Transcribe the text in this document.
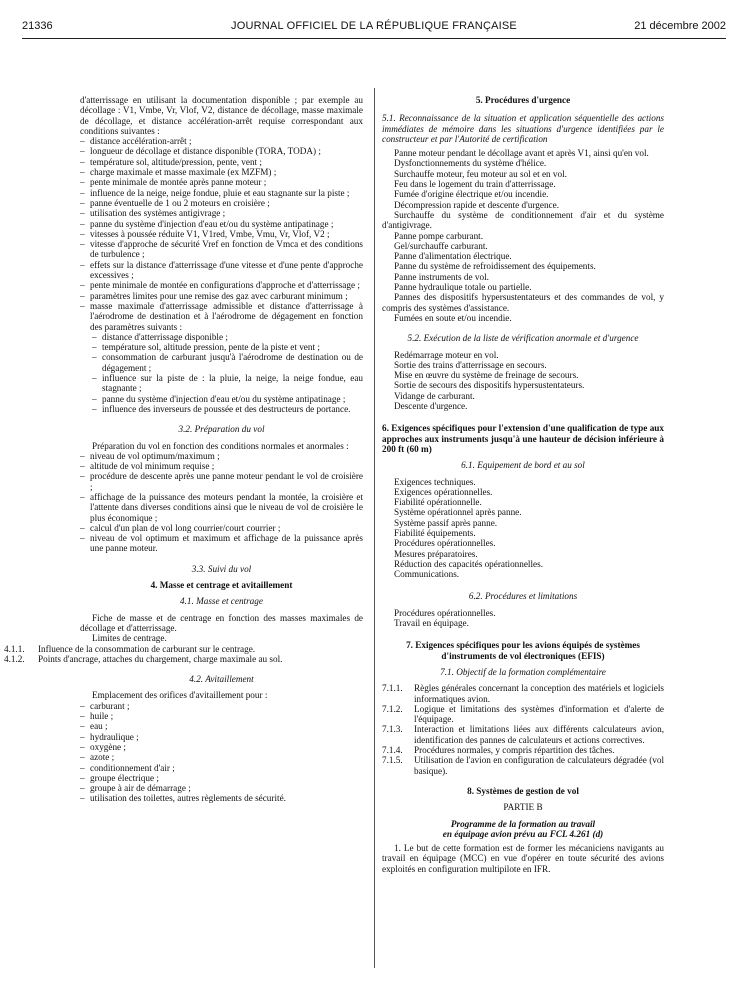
21336	JOURNAL OFFICIEL DE LA RÉPUBLIQUE FRANÇAISE	21 décembre 2002

d'atterrissage en utilisant la documentation disponible ; par exemple au décollage : V1, Vmbe, Vr, Vlof, V2, distance de décollage, masse maximale de décollage, et distance accélération-arrêt requise correspondant aux conditions suivantes :

– distance accélération-arrêt ;

– longueur de décollage et distance disponible (TORA, TODA) ;

– température sol, altitude/pression, pente, vent ;

– charge maximale et masse maximale (ex MZFM) ;

– pente minimale de montée après panne moteur ;

– influence de la neige, neige fondue, pluie et eau stagnante sur la piste ;

– panne éventuelle de 1 ou 2 moteurs en croisière ;

– utilisation des systèmes antigivrage ;

– panne du système d'injection d'eau et/ou du système antipatinage ;

– vitesses à poussée réduite V1, V1red, Vmbe, Vmu, Vr, Vlof, V2 ;

– vitesse d'approche de sécurité Vref en fonction de Vmca et des conditions de turbulence ;

– effets sur la distance d'atterrissage d'une vitesse et d'une pente d'approche excessives ;

– pente minimale de montée en configurations d'approche et d'atterrissage ;

– paramètres limites pour une remise des gaz avec carburant minimum ;

– masse maximale d'atterrissage admissible et distance d'atterrissage à l'aérodrome de destination et à l'aérodrome de dégagement en fonction des paramètres suivants :

– distance d'atterrissage disponible ;

– température sol, altitude pression, pente de la piste et vent ;

– consommation de carburant jusqu'à l'aérodrome de destination ou de dégagement ;

– influence sur la piste de : la pluie, la neige, la neige fondue, eau stagnante ;

– panne du système d'injection d'eau et/ou du système antipatinage ;

– influence des inverseurs de poussée et des destructeurs de portance.

3.2. Préparation du vol

Préparation du vol en fonction des conditions normales et anormales :

– niveau de vol optimum/maximum ;

– altitude de vol minimum requise ;

– procédure de descente après une panne moteur pendant le vol de croisière ;

– affichage de la puissance des moteurs pendant la montée, la croisière et l'attente dans diverses conditions ainsi que le niveau de vol de croisière le plus économique ;

– calcul d'un plan de vol long courrier/court courrier ;

– niveau de vol optimum et maximum et affichage de la puissance après une panne moteur.

3.3. Suivi du vol

4. Masse et centrage et avitaillement

4.1. Masse et centrage

Fiche de masse et de centrage en fonction des masses maximales de décollage et d'atterrissage.

Limites de centrage.

4.1.1. Influence de la consommation de carburant sur le centrage.

4.1.2. Points d'ancrage, attaches du chargement, charge maximale au sol.

4.2. Avitaillement

Emplacement des orifices d'avitaillement pour :

– carburant ;

– huile ;

– eau ;

– hydraulique ;

– oxygène ;

– azote ;

– conditionnement d'air ;

– groupe électrique ;

– groupe à air de démarrage ;

– utilisation des toilettes, autres règlements de sécurité.

5. Procédures d'urgence

5.1. Reconnaissance de la situation et application séquentielle des actions immédiates de mémoire dans les situations d'urgence identifiées par le constructeur et par l'Autorité de certification

Panne moteur pendant le décollage avant et après V1, ainsi qu'en vol.

Dysfonctionnements du système d'hélice.

Surchauffe moteur, feu moteur au sol et en vol.

Feu dans le logement du train d'atterrissage.

Fumée d'origine électrique et/ou incendie.

Décompression rapide et descente d'urgence.

Surchauffe du système de conditionnement d'air et du système d'antigivrage.

Panne pompe carburant.

Gel/surchauffe carburant.

Panne d'alimentation électrique.

Panne du système de refroidissement des équipements.

Panne instruments de vol.

Panne hydraulique totale ou partielle.

Pannes des dispositifs hypersustentateurs et des commandes de vol, y compris des systèmes d'assistance.

Fumées en soute et/ou incendie.

5.2. Exécution de la liste de vérification anormale et d'urgence

Redémarrage moteur en vol.

Sortie des trains d'atterrissage en secours.

Mise en œuvre du système de freinage de secours.

Sortie de secours des dispositifs hypersustentateurs.

Vidange de carburant.

Descente d'urgence.

6. Exigences spécifiques pour l'extension d'une qualification de type aux approches aux instruments jusqu'à une hauteur de décision inférieure à 200 ft (60 m)

6.1. Equipement de bord et au sol

Exigences techniques.

Exigences opérationnelles.

Fiabilité opérationnelle.

Système opérationnel après panne.

Système passif après panne.

Fiabilité équipements.

Procédures opérationnelles.

Mesures préparatoires.

Réduction des capacités opérationnelles.

Communications.

6.2. Procédures et limitations

Procédures opérationnelles.

Travail en équipage.

7. Exigences spécifiques pour les avions équipés de systèmes d'instruments de vol électroniques (EFIS)

7.1. Objectif de la formation complémentaire

7.1.1. Règles générales concernant la conception des matériels et logiciels informatiques avion.

7.1.2. Logique et limitations des systèmes d'information et d'alerte de l'équipage.

7.1.3. Interaction et limitations liées aux différents calculateurs avion, identification des pannes de calculateurs et actions correctives.

7.1.4. Procédures normales, y compris répartition des tâches.

7.1.5. Utilisation de l'avion en configuration de calculateurs dégradée (vol basique).

8. Systèmes de gestion de vol

PARTIE B

Programme de la formation au travail

en équipage avion prévu au FCL 4.261 (d)

1. Le but de cette formation est de former les mécaniciens navigants au travail en équipage (MCC) en vue d'opérer en toute sécurité des avions exploités en configuration multipilote en IFR.
